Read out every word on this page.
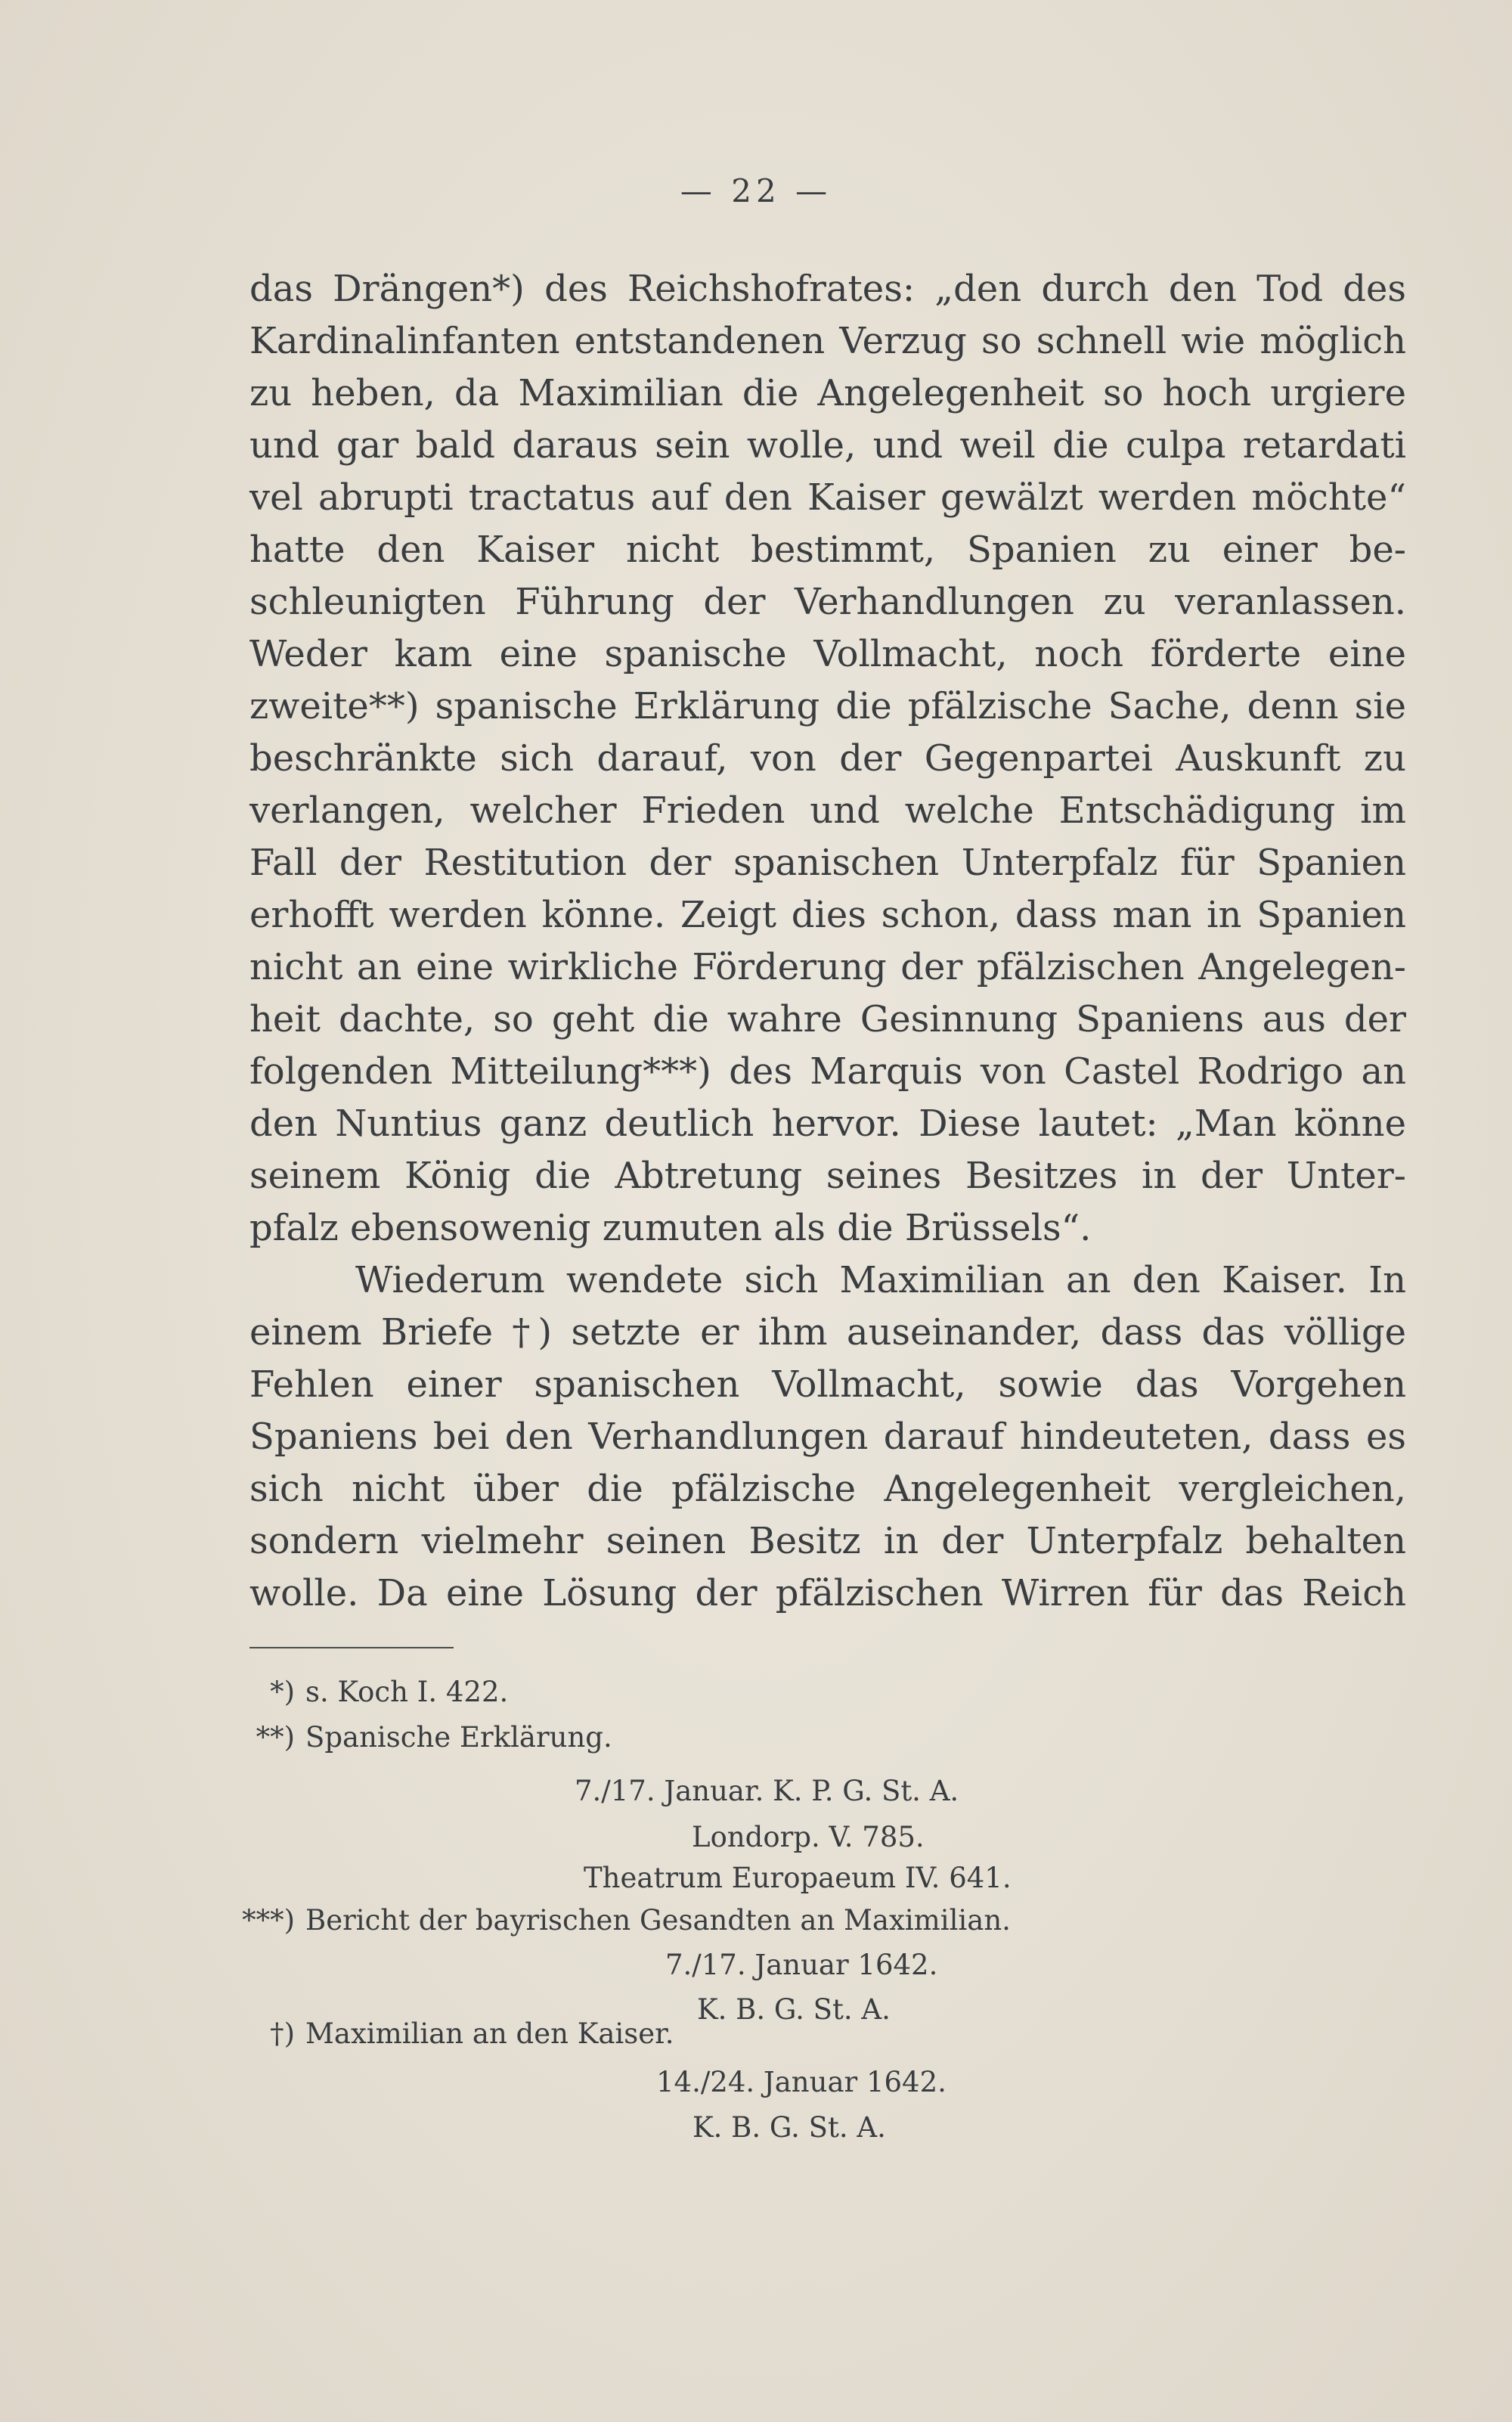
— 22 —
das Drängen*) des Reichshofrates: „den durch den Tod des
Kardinalinfanten entstandenen Verzug so schnell wie möglich
zu heben, da Maximilian die Angelegenheit so hoch urgiere
und gar bald daraus sein wolle, und weil die culpa retardati
vel abrupti tractatus auf den Kaiser gewälzt werden möchte“
hatte den Kaiser nicht bestimmt, Spanien zu einer be-
schleunigten Führung der Verhandlungen zu veranlassen.
Weder kam eine spanische Vollmacht, noch förderte eine
zweite**) spanische Erklärung die pfälzische Sache, denn sie
beschränkte sich darauf, von der Gegenpartei Auskunft zu
verlangen, welcher Frieden und welche Entschädigung im
Fall der Restitution der spanischen Unterpfalz für Spanien
erhofft werden könne. Zeigt dies schon, dass man in Spanien
nicht an eine wirkliche Förderung der pfälzischen Angelegen-
heit dachte, so geht die wahre Gesinnung Spaniens aus der
folgenden Mitteilung***) des Marquis von Castel Rodrigo an
den Nuntius ganz deutlich hervor. Diese lautet: „Man könne
seinem König die Abtretung seines Besitzes in der Unter-
pfalz ebensowenig zumuten als die Brüssels“.
Wiederum wendete sich Maximilian an den Kaiser. In
einem Briefe †) setzte er ihm auseinander, dass das völlige
Fehlen einer spanischen Vollmacht, sowie das Vorgehen
Spaniens bei den Verhandlungen darauf hindeuteten, dass es
sich nicht über die pfälzische Angelegenheit vergleichen,
sondern vielmehr seinen Besitz in der Unterpfalz behalten
wolle. Da eine Lösung der pfälzischen Wirren für das Reich
*) s. Koch I. 422.
**) Spanische Erklärung.
7./17. Januar. K. P. G. St. A.
Londorp. V. 785.
Theatrum Europaeum IV. 641.
***) Bericht der bayrischen Gesandten an Maximilian.
7./17. Januar 1642.
K. B. G. St. A.
†) Maximilian an den Kaiser.
14./24. Januar 1642.
K. B. G. St. A.
